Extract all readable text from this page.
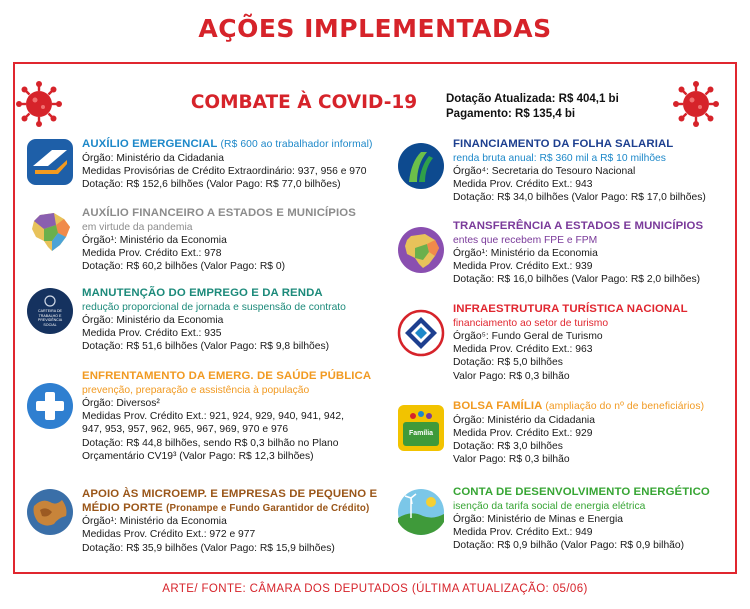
AÇÕES IMPLEMENTADAS
COMBATE À COVID-19	Dotação Atualizada: R$ 404,1 bi
Pagamento: R$ 135,4 bi
AUXÍLIO EMERGENCIAL (R$ 600 ao trabalhador informal)
Órgão: Ministério da Cidadania
Medidas Provisórias de Crédito Extraordinário: 937, 956 e 970
Dotação: R$ 152,6 bilhões (Valor Pago: R$ 77,0 bilhões)
AUXÍLIO FINANCEIRO A ESTADOS E MUNICÍPIOS
em virtude da pandemia
Órgão¹: Ministério da Economia
Medida Prov. Crédito Ext.: 978
Dotação: R$ 60,2 bilhões (Valor Pago: R$ 0)
CARTEIRA DE TRABALHO E PREVIDÊNCIA SOCIAL
MANUTENÇÃO DO EMPREGO E DA RENDA
redução proporcional de jornada e suspensão de contrato
Órgão: Ministério da Economia
Medida Prov. Crédito Ext.: 935
Dotação: R$ 51,6 bilhões (Valor Pago: R$ 9,8 bilhões)
ENFRENTAMENTO DA EMERG. DE SAÚDE PÚBLICA
prevenção, preparação e assistência à população
Órgão: Diversos²
Medidas Prov. Crédito Ext.: 921, 924, 929, 940, 941, 942,
947, 953, 957, 962, 965, 967, 969, 970 e 976
Dotação: R$ 44,8 bilhões, sendo R$ 0,3 bilhão no Plano
Orçamentário CV19³ (Valor Pago: R$ 12,3 bilhões)
APOIO ÀS MICROEMP. E EMPRESAS DE PEQUENO E
MÉDIO PORTE (Pronampe e Fundo Garantidor de Crédito)
Órgão¹: Ministério da Economia
Medidas Prov. Crédito Ext.: 972 e 977
Dotação: R$ 35,9 bilhões (Valor Pago: R$ 15,9 bilhões)
FINANCIAMENTO DA FOLHA SALARIAL
renda bruta anual: R$ 360 mil a R$ 10 milhões
Órgão⁴: Secretaria do Tesouro Nacional
Medida Prov. Crédito Ext.: 943
Dotação: R$ 34,0 bilhões (Valor Pago: R$ 17,0 bilhões)
TRANSFERÊNCIA A ESTADOS E MUNICÍPIOS
entes que recebem FPE e FPM
Órgão¹: Ministério da Economia
Medida Prov. Crédito Ext.: 939
Dotação: R$ 16,0 bilhões (Valor Pago: R$ 2,0 bilhões)
INFRAESTRUTURA TURÍSTICA NACIONAL
financiamento ao setor de turismo
Órgão⁵: Fundo Geral de Turismo
Medida Prov. Crédito Ext.: 963
Dotação: R$ 5,0 bilhões
Valor Pago: R$ 0,3 bilhão
Família
BOLSA FAMÍLIA (ampliação do nº de beneficiários)
Órgão: Ministério da Cidadania
Medida Prov. Crédito Ext.: 929
Dotação: R$ 3,0 bilhões
Valor Pago: R$ 0,3 bilhão
CONTA DE DESENVOLVIMENTO ENERGÉTICO
isenção da tarifa social de energia elétrica
Órgão: Ministério de Minas e Energia
Medida Prov. Crédito Ext.: 949
Dotação: R$ 0,9 bilhão (Valor Pago: R$ 0,9 bilhão)
ARTE/ FONTE: CÂMARA DOS DEPUTADOS (ÚLTIMA ATUALIZAÇÃO: 05/06)
